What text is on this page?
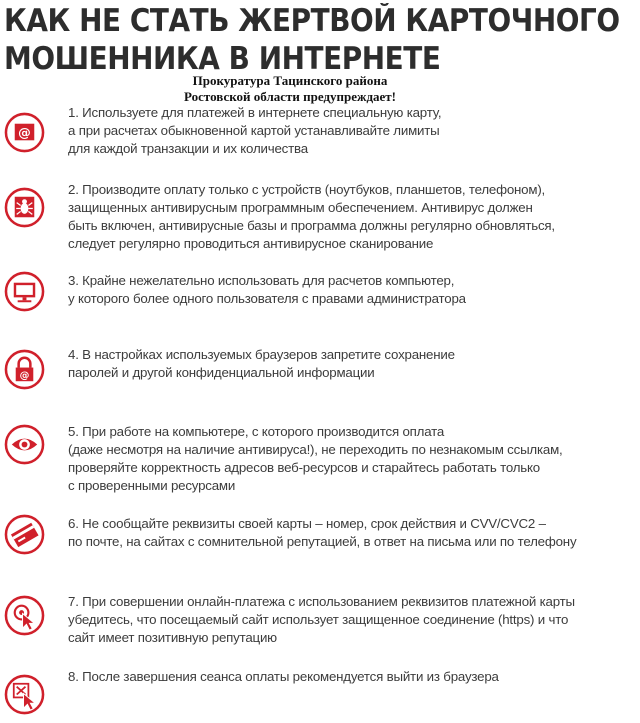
КАК НЕ СТАТЬ ЖЕРТВОЙ КАРТОЧНОГО
МОШЕННИКА В ИНТЕРНЕТЕ
Прокуратура Тацинского района
Ростовской области предупреждает!
@
1. Используете для платежей в интернете специальную карту,
а при расчетах обыкновенной картой устанавливайте лимиты
для каждой транзакции и их количества
2. Производите оплату только с устройств (ноутбуков, планшетов, телефоном),
защищенных антивирусным программным обеспечением. Антивирус должен
быть включен, антивирусные базы и программа должны регулярно обновляться,
следует регулярно проводиться антивирусное сканирование
3. Крайне нежелательно использовать для расчетов компьютер,
у которого более одного пользователя с правами администратора
@
4. В настройках используемых браузеров запретите сохранение
паролей и другой конфиденциальной информации
5. При работе на компьютере, с которого производится оплата
(даже несмотря на наличие антивируса!), не переходить по незнакомым ссылкам,
проверяйте корректность адресов веб-ресурсов и старайтесь работать только
с проверенными ресурсами
6. Не сообщайте реквизиты своей карты – номер, срок действия и CVV/CVC2 –
по почте, на сайтах с сомнительной репутацией, в ответ на письма или по телефону
7. При совершении онлайн-платежа с использованием реквизитов платежной карты
убедитесь, что посещаемый сайт использует защищенное соединение (https) и что
сайт имеет позитивную репутацию
8. После завершения сеанса оплаты рекомендуется выйти из браузера
